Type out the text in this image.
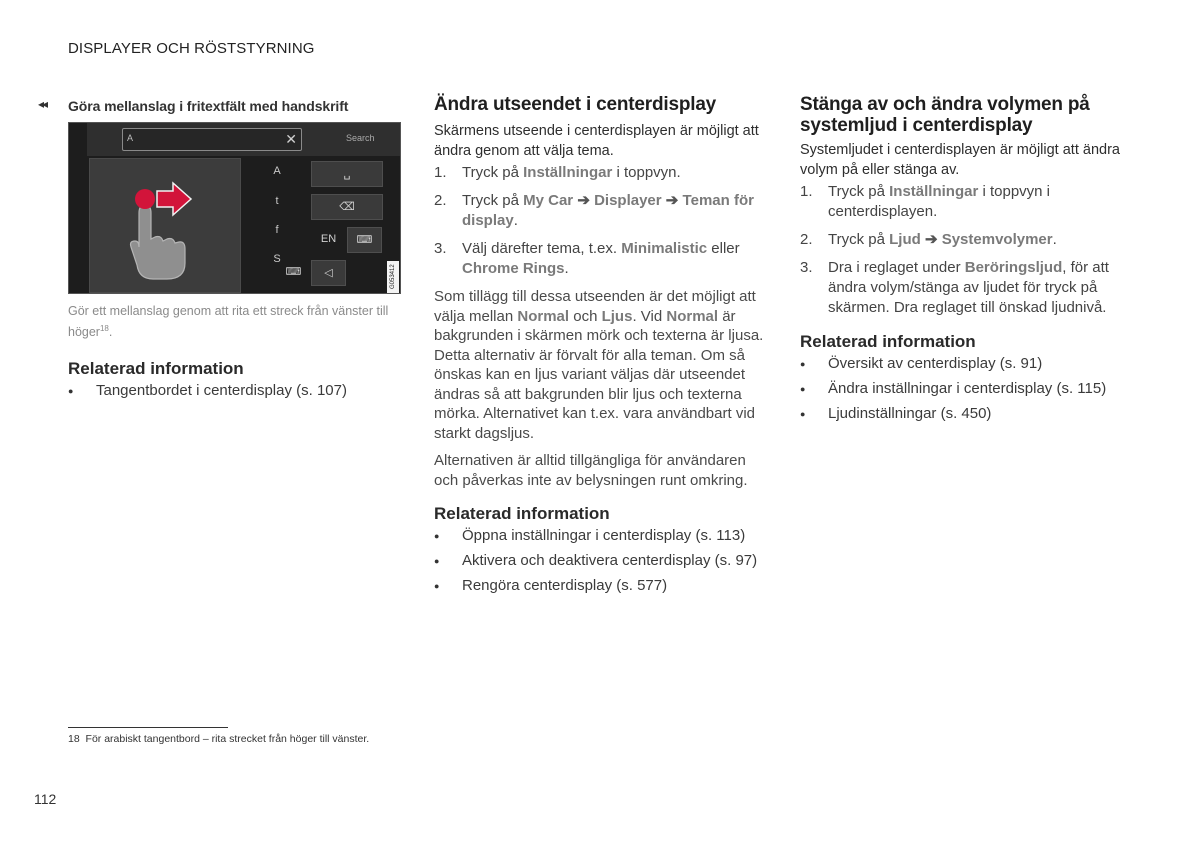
DISPLAYER OCH RÖSTSTYRNING
◂◂ Göra mellanslag i fritextfält med handskrift
A	✕	Search
A
t
f
S
␣
⌫
EN	⌨
⌨	◁	G053412

Gör ett mellanslag genom att rita ett streck från vänster till höger$^{18}$.

Relaterad information
● Tangentbordet i centerdisplay (s. 107)
Ändra utseendet i centerdisplay

Skärmens utseende i centerdisplayen är möjligt att ändra genom att välja tema.

1. Tryck på Inställningar i toppvyn.
2. Tryck på My Car ➔ Displayer ➔ Teman för display.
3. Välj därefter tema, t.ex. Minimalistic eller Chrome Rings.

Som tillägg till dessa utseenden är det möjligt att välja mellan Normal och Ljus. Vid Normal är bakgrunden i skärmen mörk och texterna är ljusa. Detta alternativ är förvalt för alla teman. Om så önskas kan en ljus variant väljas där utseendet ändras så att bakgrunden blir ljus och texterna mörka. Alternativet kan t.ex. vara användbart vid starkt dagsljus.

Alternativen är alltid tillgängliga för användaren och påverkas inte av belysningen runt omkring.

Relaterad information
● Öppna inställningar i centerdisplay (s. 113)
● Aktivera och deaktivera centerdisplay (s. 97)
● Rengöra centerdisplay (s. 577)
Stänga av och ändra volymen på systemljud i centerdisplay

Systemljudet i centerdisplayen är möjligt att ändra volym på eller stänga av.

1. Tryck på Inställningar i toppvyn i centerdisplayen.
2. Tryck på Ljud ➔ Systemvolymer.
3. Dra i reglaget under Beröringsljud, för att ändra volym/stänga av ljudet för tryck på skärmen. Dra reglaget till önskad ljudnivå.
Relaterad information
● Översikt av centerdisplay (s. 91)
● Ändra inställningar i centerdisplay (s. 115)
● Ljudinställningar (s. 450)
18 För arabiskt tangentbord – rita strecket från höger till vänster.
112
